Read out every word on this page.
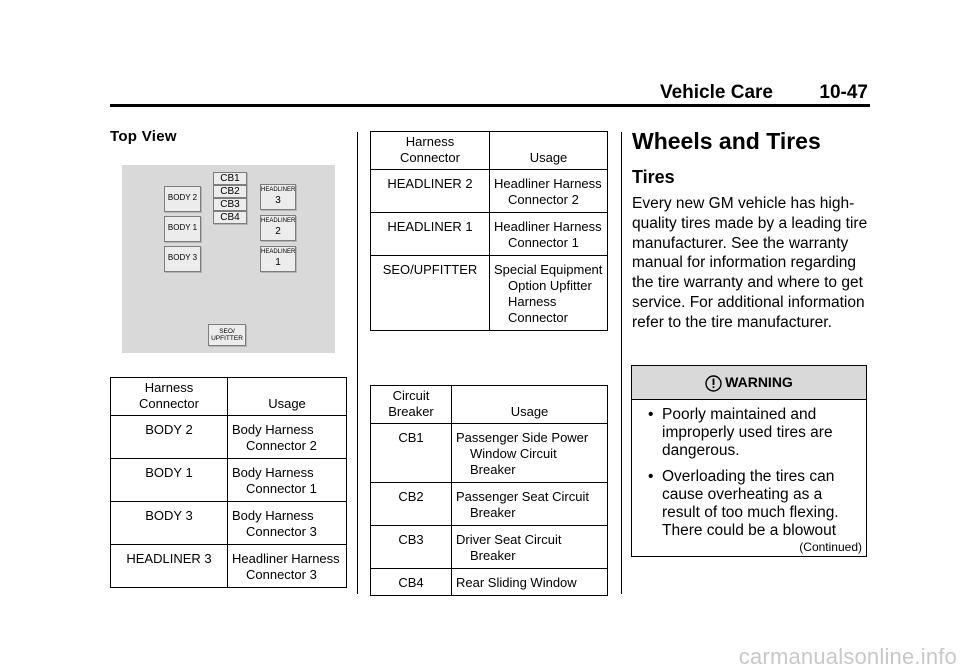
Vehicle Care 10-47
Top View
BODY 2
BODY 1
BODY 3
CB1
CB2
CB3
CB4
HEADLINER
3
HEADLINER
2
HEADLINER
1
SEO/
UPFITTER
Harness Connector	Usage
BODY 2	Body Harness Connector 2

BODY 1	Body Harness Connector 1

BODY 3	Body Harness Connector 3

HEADLINER 3	Headliner Harness Connector 3
Harness Connector	Usage
HEADLINER 2	Headliner Harness Connector 2

HEADLINER 1	Headliner Harness Connector 1

SEO/UPFITTER	Special Equipment Option Upfitter Harness Connector
Circuit Breaker	Usage
CB1	Passenger Side Power Window Circuit Breaker

CB2	Passenger Seat Circuit Breaker

CB3	Driver Seat Circuit Breaker

CB4	Rear Sliding Window
Wheels and Tires
Tires
Every new GM vehicle has high-quality tires made by a leading tire manufacturer. See the warranty manual for information regarding the tire warranty and where to get service. For additional information refer to the tire manufacturer.
WARNING
• Poorly maintained and improperly used tires are dangerous.
• Overloading the tires can cause overheating as a result of too much flexing. There could be a blowout
(Continued)
carmanualsonline.info
